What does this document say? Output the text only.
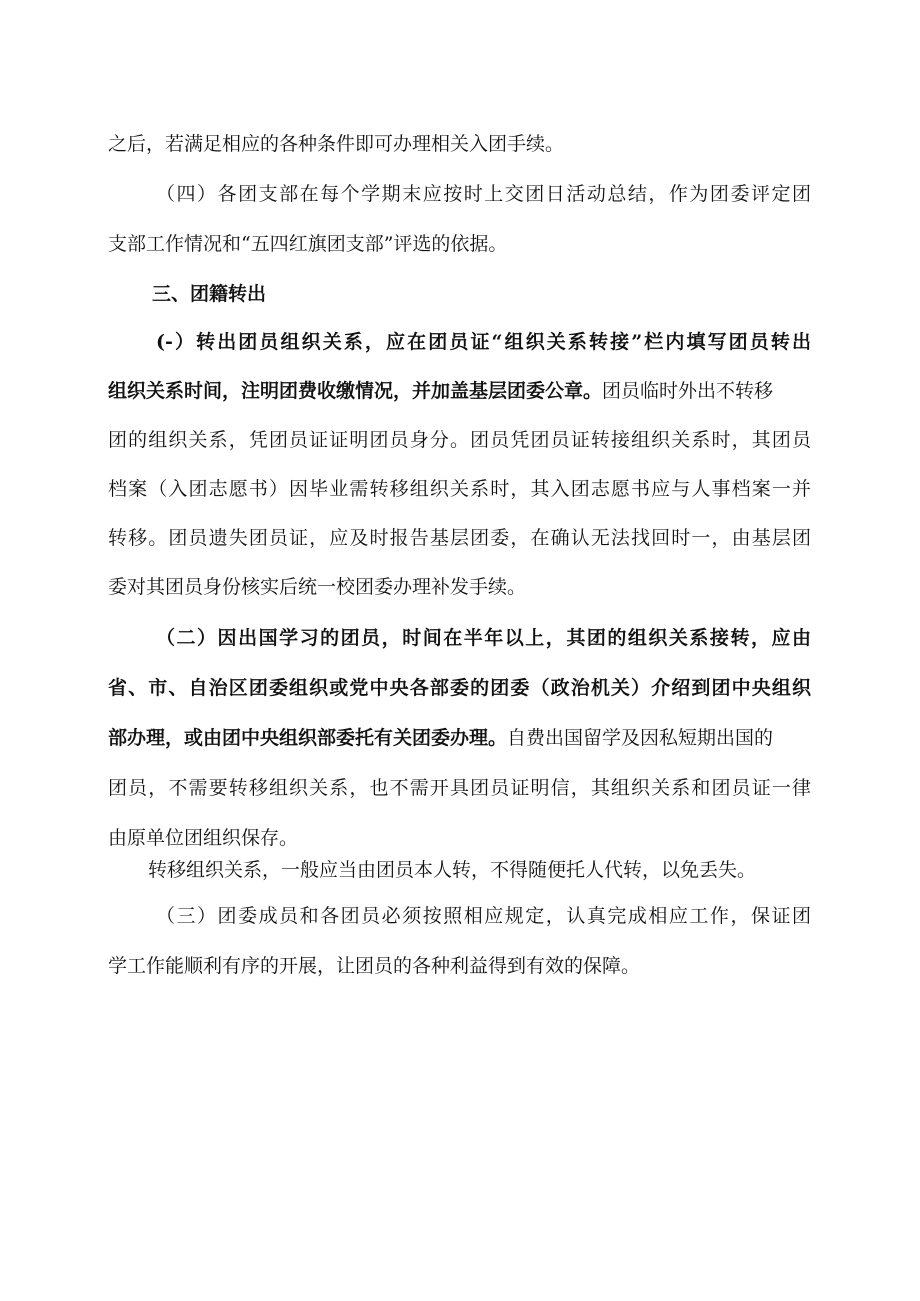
之后，若满足相应的各种条件即可办理相关入团手续。
（四）各团支部在每个学期末应按时上交团日活动总结，作为团委评定团
支部工作情况和“五四红旗团支部”评选的依据。
三、团籍转出
(-）转出团员组织关系，应在团员证“组织关系转接”栏内填写团员转出
组织关系时间，注明团费收缴情况，并加盖基层团委公章。团员临时外出不转移
团的组织关系，凭团员证证明团员身分。团员凭团员证转接组织关系时，其团员
档案（入团志愿书）因毕业需转移组织关系时，其入团志愿书应与人事档案一并
转移。团员遗失团员证，应及时报告基层团委，在确认无法找回时一，由基层团
委对其团员身份核实后统一校团委办理补发手续。
（二）因出国学习的团员，时间在半年以上，其团的组织关系接转，应由
省、市、自治区团委组织或党中央各部委的团委（政治机关）介绍到团中央组织
部办理，或由团中央组织部委托有关团委办理。自费出国留学及因私短期出国的
团员，不需要转移组织关系，也不需开具团员证明信，其组织关系和团员证一律
由原单位团组织保存。
转移组织关系，一般应当由团员本人转，不得随便托人代转，以免丢失。
（三）团委成员和各团员必须按照相应规定，认真完成相应工作，保证团
学工作能顺利有序的开展，让团员的各种利益得到有效的保障。
